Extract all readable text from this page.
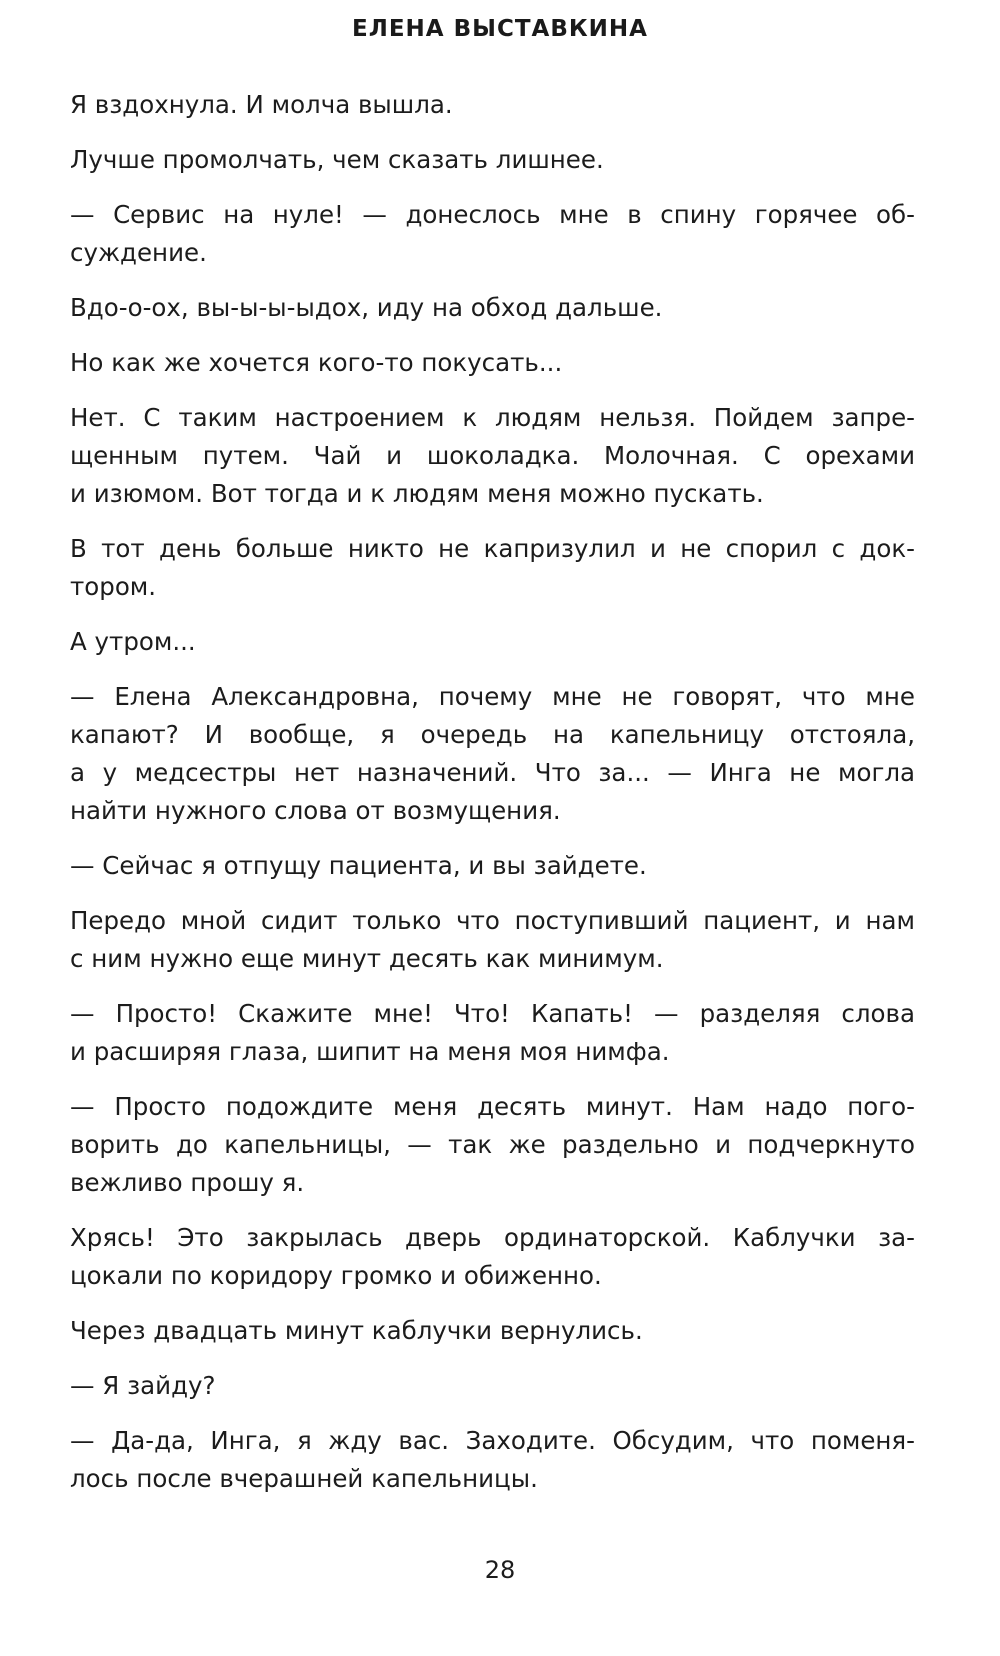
ЕЛЕНА ВЫСТАВКИНА

Я вздохнула. И молча вышла.

Лучше промолчать, чем сказать лишнее.

— Сервис на нуле! — донеслось мне в спину горячее об-
суждение.

Вдо-о-ох, вы-ы-ы-ыдох, иду на обход дальше.

Но как же хочется кого-то покусать...

Нет. С таким настроением к людям нельзя. Пойдем запре-
щенным путем. Чай и шоколадка. Молочная. С орехами
и изюмом. Вот тогда и к людям меня можно пускать.

В тот день больше никто не капризулил и не спорил с док-
тором.

А утром...

— Елена Александровна, почему мне не говорят, что мне
капают? И вообще, я очередь на капельницу отстояла,
а у медсестры нет назначений. Что за... — Инга не могла
найти нужного слова от возмущения.

— Сейчас я отпущу пациента, и вы зайдете.

Передо мной сидит только что поступивший пациент, и нам
с ним нужно еще минут десять как минимум.

— Просто! Скажите мне! Что! Капать! — разделяя слова
и расширяя глаза, шипит на меня моя нимфа.

— Просто подождите меня десять минут. Нам надо пого-
ворить до капельницы, — так же раздельно и подчеркнуто
вежливо прошу я.

Хрясь! Это закрылась дверь ординаторской. Каблучки за-
цокали по коридору громко и обиженно.

Через двадцать минут каблучки вернулись.

— Я зайду?

— Да-да, Инга, я жду вас. Заходите. Обсудим, что поменя-
лось после вчерашней капельницы.

28
